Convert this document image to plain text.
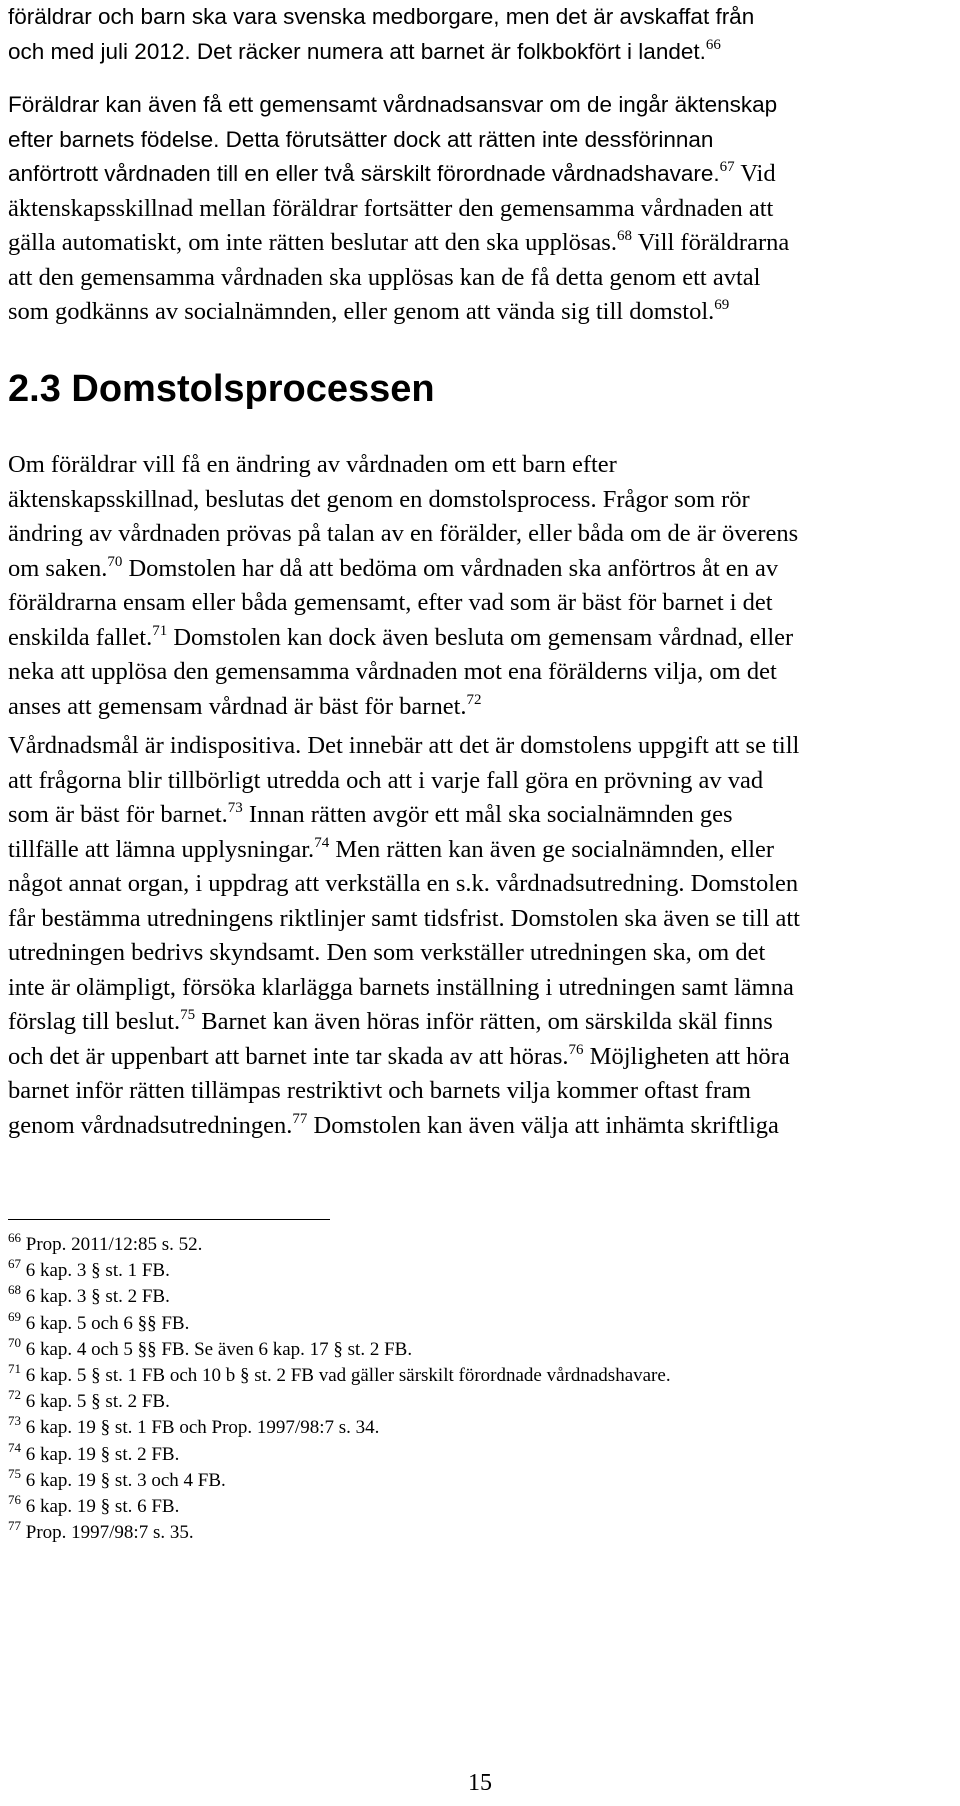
föräldrar och barn ska vara svenska medborgare, men det är avskaffat från
och med juli 2012. Det räcker numera att barnet är folkbokfört i landet.$^{66}$

Föräldrar kan även få ett gemensamt vårdnadsansvar om de ingår äktenskap efter barnets födelse. Detta förutsätter dock att rätten inte dessförinnan anförtrott vårdnaden till en eller två särskilt förordnade vårdnadshavare.$^{67}$ Vid äktenskapsskillnad mellan föräldrar fortsätter den gemensamma vårdnaden att gälla automatiskt, om inte rätten beslutar att den ska upplösas.$^{68}$ Vill föräldrarna att den gemensamma vårdnaden ska upplösas kan de få detta genom ett avtal som godkänns av socialnämnden, eller genom att vända sig till domstol.$^{69}$

2.3 Domstolsprocessen

Om föräldrar vill få en ändring av vårdnaden om ett barn efter äktenskapsskillnad, beslutas det genom en domstolsprocess. Frågor som rör ändring av vårdnaden prövas på talan av en förälder, eller båda om de är överens om saken.$^{70}$ Domstolen har då att bedöma om vårdnaden ska anförtros åt en av föräldrarna ensam eller båda gemensamt, efter vad som är bäst för barnet i det enskilda fallet.$^{71}$ Domstolen kan dock även besluta om gemensam vårdnad, eller neka att upplösa den gemensamma vårdnaden mot ena förälderns vilja, om det anses att gemensam vårdnad är bäst för barnet.$^{72}$

Vårdnadsmål är indispositiva. Det innebär att det är domstolens uppgift att se till att frågorna blir tillbörligt utredda och att i varje fall göra en prövning av vad som är bäst för barnet.$^{73}$ Innan rätten avgör ett mål ska socialnämnden ges tillfälle att lämna upplysningar.$^{74}$ Men rätten kan även ge socialnämnden, eller något annat organ, i uppdrag att verkställa en s.k. vårdnadsutredning. Domstolen får bestämma utredningens riktlinjer samt tidsfrist. Domstolen ska även se till att utredningen bedrivs skyndsamt. Den som verkställer utredningen ska, om det inte är olämpligt, försöka klarlägga barnets inställning i utredningen samt lämna förslag till beslut.$^{75}$ Barnet kan även höras inför rätten, om särskilda skäl finns och det är uppenbart att barnet inte tar skada av att höras.$^{76}$ Möjligheten att höra barnet inför rätten tillämpas restriktivt och barnets vilja kommer oftast fram genom vårdnadsutredningen.$^{77}$ Domstolen kan även välja att inhämta skriftliga

$^{66}$ Prop. 2011/12:85 s. 52.
$^{67}$ 6 kap. 3 § st. 1 FB.
$^{68}$ 6 kap. 3 § st. 2 FB.
$^{69}$ 6 kap. 5 och 6 §§ FB.
$^{70}$ 6 kap. 4 och 5 §§ FB. Se även 6 kap. 17 § st. 2 FB.
$^{71}$ 6 kap. 5 § st. 1 FB och 10 b § st. 2 FB vad gäller särskilt förordnade vårdnadshavare.
$^{72}$ 6 kap. 5 § st. 2 FB.
$^{73}$ 6 kap. 19 § st. 1 FB och Prop. 1997/98:7 s. 34.
$^{74}$ 6 kap. 19 § st. 2 FB.
$^{75}$ 6 kap. 19 § st. 3 och 4 FB.
$^{76}$ 6 kap. 19 § st. 6 FB.
$^{77}$ Prop. 1997/98:7 s. 35.
15
